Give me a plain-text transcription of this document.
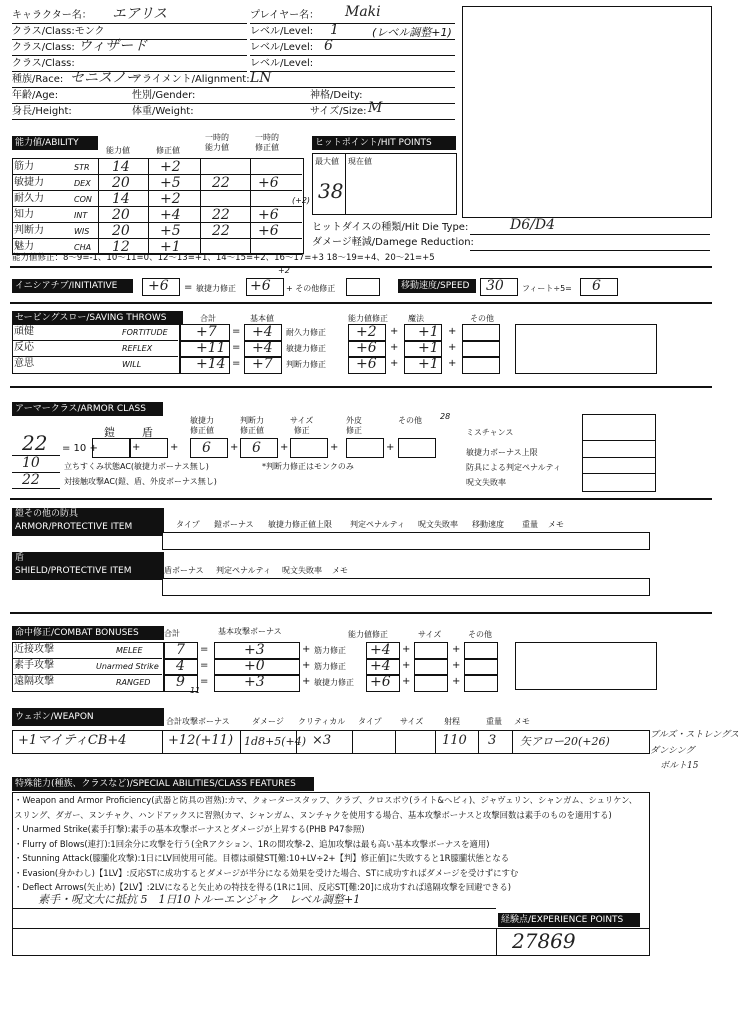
キャラクター名： エアリス	プレイヤー名： Maki
クラス/Class:モンク	レベル/Level: 1	(レベル調整+1)
クラス/Class: ウィザード	レベル/Level: 6
クラス/Class:	レベル/Level:
種族/Race: セニスノー
アライメント/Alignment: LN
年齢/Age:	性別/Gender:	神格/Deity:
身長/Height:	体重/Weight:	サイズ/Size: M
能力値/ABILITY
能力値	修正値
一時的
能力値
一時的
修正値
(+2)
能力値修正：8～9=-1、10～11=0、12～13=+1、14～15=+2、16～17=+3 18～19=+4、20～21=+5
ヒットポイント/HIT POINTS
最大値 現在値
38
ヒットダイスの種類/Hit Die Type:	D6/D4
ダメージ軽減/Damege Reduction:
イニシアチブ/INITIATIVE	+6 = 敏捷力修正 +6
+2
+ その他修正	移動速度/SPEED	30 フィート÷5= 6
セービングスロー/SAVING THROWS	合計	基本値	能力値修正	魔法	その他
アーマークラス/ARMOR CLASS
22
10
22
= 10 +
28
立ちすくみ状態AC(敏捷力ボーナス無し)	*判断力修正はモンクのみ
対接触攻撃AC(鎧、盾、外皮ボーナス無し)
ミスチャンス
敏捷力ボーナス上限
防具による判定ペナルティ
呪文失敗率
鎧その他の防具
ARMOR/PROTECTIVE ITEM
盾
SHIELD/PROTECTIVE ITEM
命中修正/COMBAT BONUSES	合計	基本攻撃ボーナス	能力値修正	サイズ	その他
11
ウェポン/WEAPON
+1マイティCB+4	+12(+11) 1d8+5(+4) ×3	110 3 矢アロー20(+26)	ブルズ・ストレングス
ダンシング
ボルト15
特殊能力(種族、クラスなど)/SPECIAL ABILITIES/CLASS FEATURES
素手・呪文大に抵抗 5　1日10トルーエンジャク　レベル調整+1
経験点/EXPERIENCE POINTS
27869
筋力	STR 14 +2
敏捷力	DEX 20 +5 22 +6
耐久力	CON 14 +2
知力	INT 20 +4 22 +6
判断力	WIS 20 +5 22 +6
魅力	CHA 12 +1
頑健	FORTITUDE +7 = +4 耐久力修正 +2 + +1 +
反応	REFLEX	+11 = +4 敏捷力修正 +6 + +1 +
意思	WILL	+14 = +7 判断力修正 +6 + +1 +
鎧
+
盾
+
敏捷力
修正値
+
判断力
修正値
+
サイズ
修正
+
外皮
修正
+
その他
6	6
タイプ 鎧ボーナス 敏捷力修正値上限 判定ペナルティ 呪文失敗率 移動速度 重量 メモ
盾ボーナス 判定ペナルティ 呪文失敗率 メモ
近接攻撃	MELEE 7 =	+3	+ 筋力修正 +4 +	+
素手攻撃	Unarmed Strike 4 =	+0	+ 筋力修正 +4 +	+
遠隔攻撃	RANGED 9 =	+3	+ 敏捷力修正 +6 +	+
合計攻撃ボーナス	ダメージ クリティカル タイプ サイズ	射程	重量 メモ
・Weapon and Armor Proficiency(武器と防具の習熟):カマ、クォータースタッフ、クラブ、クロスボウ(ライト&ヘビィ)、ジャヴェリン、シャンガム、シュリケン、
スリング、ダガー、ヌンチャク、ハンドアックスに習熟(カマ、シャンガム、ヌンチャクを使用する場合、基本攻撃ボーナスと攻撃回数は素手のものを適用する)
・Unarmed Strike(素手打撃):素手の基本攻撃ボーナスとダメージが上昇する(PHB P47参照)
・Flurry of Blows(連打):1回余分に攻撃を行う(全Rアクション、1Rの間攻撃-2、追加攻撃は最も高い基本攻撃ボーナスを適用)
・Stunning Attack(朦朧化攻撃):1日にLV回使用可能。目標は頑健ST[難:10+LV÷2+【判】修正値]に失敗すると1R朦朧状態となる
・Evasion(身かわし)【1LV】:反応STに成功するとダメージが半分になる効果を受けた場合、STに成功すればダメージを受けずにすむ
・Deflect Arrows(矢止め)【2LV】:2LVになると矢止めの特技を得る(1Rに1回、反応ST[難:20]に成功すれば遠隔攻撃を回避できる)
